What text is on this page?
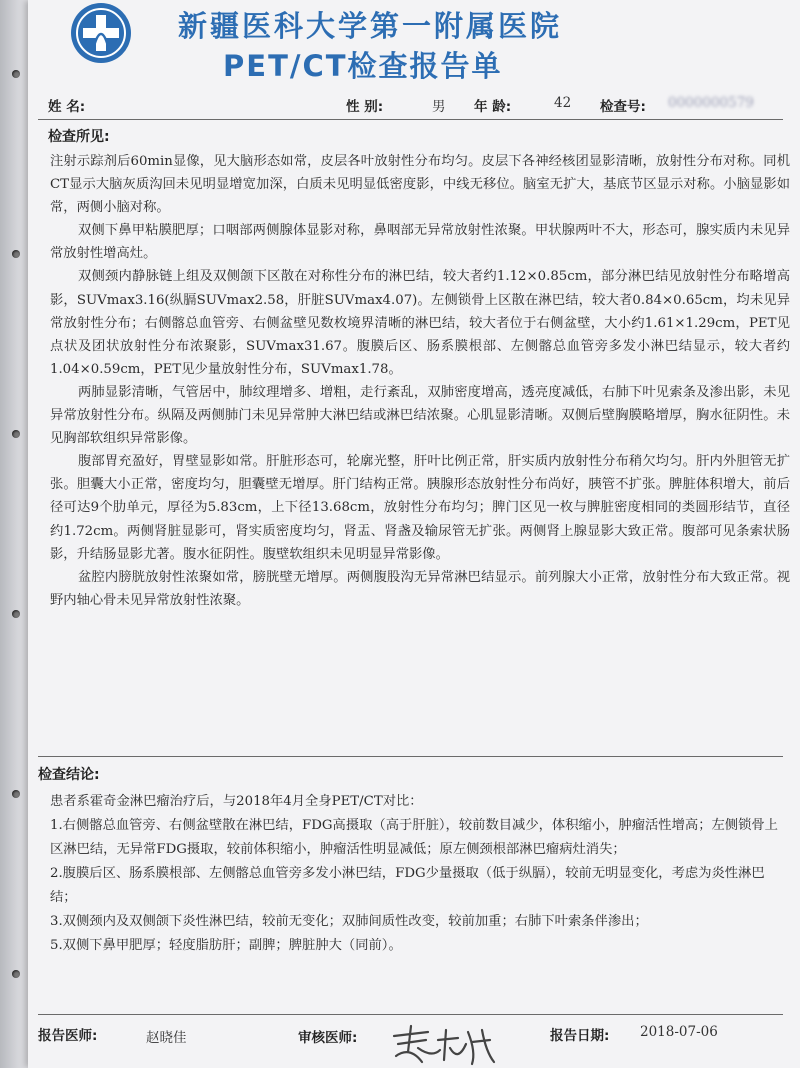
新疆医科大学第一附属医院
PET/CT检查报告单
姓 名:	性 别:	男 年 龄:	42 检查号: 0000000579
检查所见:

注射示踪剂后60min显像，见大脑形态如常，皮层各叶放射性分布均匀。皮层下各神经核团显影清晰，放射性分布对称。同机CT显示大脑灰质沟回未见明显增宽加深，白质未见明显低密度影，中线无移位。脑室无扩大，基底节区显示对称。小脑显影如常，两侧小脑对称。

双侧下鼻甲粘膜肥厚；口咽部两侧腺体显影对称，鼻咽部无异常放射性浓聚。甲状腺两叶不大，形态可，腺实质内未见异常放射性增高灶。

双侧颈内静脉链上组及双侧颌下区散在对称性分布的淋巴结，较大者约1.12×0.85cm，部分淋巴结见放射性分布略增高影，SUVmax3.16(纵膈SUVmax2.58，肝脏SUVmax4.07)。左侧锁骨上区散在淋巴结，较大者0.84×0.65cm，均未见异常放射性分布；右侧髂总血管旁、右侧盆壁见数枚境界清晰的淋巴结，较大者位于右侧盆壁，大小约1.61×1.29cm，PET见点状及团状放射性分布浓聚影，SUVmax31.67。腹膜后区、肠系膜根部、左侧髂总血管旁多发小淋巴结显示，较大者约1.04×0.59cm，PET见少量放射性分布，SUVmax1.78。

两肺显影清晰，气管居中，肺纹理增多、增粗，走行紊乱，双肺密度增高，透亮度减低，右肺下叶见索条及渗出影，未见异常放射性分布。纵隔及两侧肺门未见异常肿大淋巴结或淋巴结浓聚。心肌显影清晰。双侧后壁胸膜略增厚，胸水征阴性。未见胸部软组织异常影像。

腹部胃充盈好，胃壁显影如常。肝脏形态可，轮廓光整，肝叶比例正常，肝实质内放射性分布稍欠均匀。肝内外胆管无扩张。胆囊大小正常，密度均匀，胆囊壁无增厚。肝门结构正常。胰腺形态放射性分布尚好，胰管不扩张。脾脏体积增大，前后径可达9个肋单元，厚径为5.83cm，上下径13.68cm，放射性分布均匀；脾门区见一枚与脾脏密度相同的类圆形结节，直径约1.72cm。两侧肾脏显影可，肾实质密度均匀，肾盂、肾盏及输尿管无扩张。两侧肾上腺显影大致正常。腹部可见条索状肠影，升结肠显影尤著。腹水征阴性。腹壁软组织未见明显异常影像。

盆腔内膀胱放射性浓聚如常，膀胱壁无增厚。两侧腹股沟无异常淋巴结显示。前列腺大小正常，放射性分布大致正常。视野内轴心骨未见异常放射性浓聚。

检查结论:

患者系霍奇金淋巴瘤治疗后，与2018年4月全身PET/CT对比：

1.右侧髂总血管旁、右侧盆壁散在淋巴结，FDG高摄取（高于肝脏），较前数目减少，体积缩小，肿瘤活性增高；左侧锁骨上区淋巴结，无异常FDG摄取，较前体积缩小，肿瘤活性明显减低；原左侧颈根部淋巴瘤病灶消失；

2.腹膜后区、肠系膜根部、左侧髂总血管旁多发小淋巴结，FDG少量摄取（低于纵膈），较前无明显变化，考虑为炎性淋巴结；

3.双侧颈内及双侧颌下炎性淋巴结，较前无变化；双肺间质性改变，较前加重；右肺下叶索条伴渗出；

5.双侧下鼻甲肥厚；轻度脂肪肝；副脾；脾脏肿大（同前）。

报告医师:	赵晓佳	审核医师:	报告日期: 2018-07-06
